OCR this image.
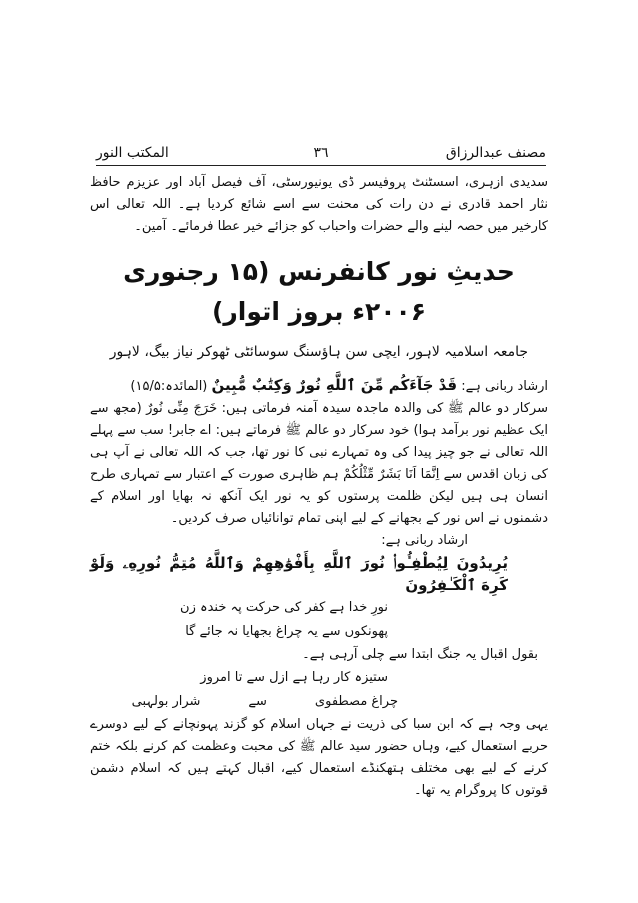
مصنف عبدالرزاق
٣٦
المکتب النور

سدیدی ازہری، اسسٹنٹ پروفیسر ڈی یونیورسٹی، آف فیصل آباد اور عزیزم حافظ نثار احمد قادری نے دن رات کی محنت سے اسے شائع کردیا ہے۔ اللہ تعالی اس کارخیر میں حصہ لینے والے حضرات واحباب کو جزائے خیر عطا فرمائے۔ آمین۔

حدیثِ نور کانفرنس (۱۵ رجنوری ۲۰۰۶ء بروز اتوار)
جامعہ اسلامیہ لاہور، ایچی سن ہاؤسنگ سوسائٹی ٹھوکر نیاز بیگ، لاہور

ارشاد ربانی ہے: قَدْ جَآءَكُم مِّنَ ٱللَّهِ نُورٌ وَكِتَٰبٌ مُّبِينٌ (المائدہ:۱۵/۵)

سرکار دو عالم ﷺ کی والدہ ماجدہ سیدہ آمنہ فرماتی ہیں: خَرَجَ مِنِّی نُورٌ (مجھ سے ایک عظیم نور برآمد ہوا) خود سرکار دو عالم ﷺ فرماتے ہیں: اے جابر! سب سے پہلے اللہ تعالی نے جو چیز پیدا کی وہ تمہارے نبی کا نور تھا، جب کہ اللہ تعالی نے آپ ہی کی زبان اقدس سے اِنَّمَا اَنَا بَشَرٌ مِّثْلُكُمْ ہم ظاہری صورت کے اعتبار سے تمہاری طرح انسان ہی ہیں لیکن ظلمت پرستوں کو یہ نور ایک آنکھ نہ بھایا اور اسلام کے دشمنوں نے اس نور کے بجھانے کے لیے اپنی تمام توانائیاں صرف کردیں۔

ارشاد ربانی ہے:

يُرِيدُونَ لِيُطْفِـُٔوا۟ نُورَ ٱللَّهِ بِأَفْوَٰهِهِمْ وَٱللَّهُ مُتِمُّ نُورِهِۦ وَلَوْ كَرِهَ ٱلْكَـٰفِرُونَ

نورِ خدا ہے کفر کی حرکت پہ خندہ زن

پھونکوں سے یہ چراغ بجھایا نہ جائے گا

بقول اقبال یہ جنگ ابتدا سے چلی آرہی ہے۔

ستیزہ کار رہا ہے ازل سے تا امروز

چراغ مصطفوی
سے
شرار بولہبی

یہی وجہ ہے کہ ابن سبا کی ذریت نے جہاں اسلام کو گزند پہونچانے کے لیے دوسرے حربے استعمال کیے، وہاں حضور سید عالم ﷺ کی محبت وعظمت کم کرنے بلکہ ختم کرنے کے لیے بھی مختلف ہتھکنڈے استعمال کیے، اقبال کہتے ہیں کہ اسلام دشمن قوتوں کا پروگرام یہ تھا۔
